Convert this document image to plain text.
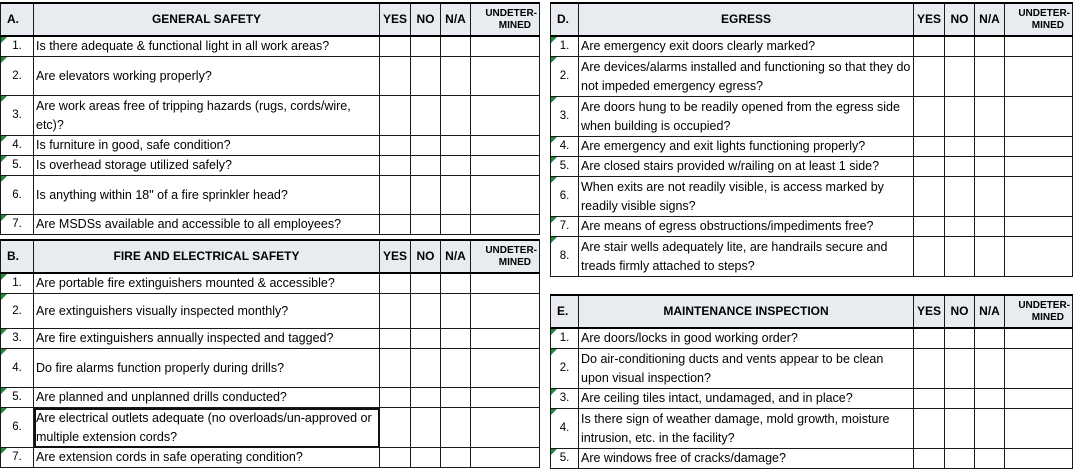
A.	GENERAL SAFETY	YES	NO	N/A	UNDETER-
MINED

1.	Is there adequate & functional light in all work areas?				
2.	Are elevators working properly?				
3.	Are work areas free of tripping hazards (rugs, cords/wire, etc)?				

4.	Is furniture in good, safe condition?				
5.	Is overhead storage utilized safely?				
6.	Is anything within 18" of a fire sprinkler head?				
7.	Are MSDSs available and accessible to all employees?				
B.	FIRE AND ELECTRICAL SAFETY	YES	NO	N/A	UNDETER-
MINED

1.	Are portable fire extinguishers mounted & accessible?				
2.	Are extinguishers visually inspected monthly?				
3.	Are fire extinguishers annually inspected and tagged?				
4.	Do fire alarms function properly during drills?				
5.	Are planned and unplanned drills conducted?				
6.	Are electrical outlets adequate (no overloads/un-approved or multiple extension cords?				

7.	Are extension cords in safe operating condition?				
D.	EGRESS	YES	NO	N/A	UNDETER-
MINED

1.	Are emergency exit doors clearly marked?				
2.	Are devices/alarms installed and functioning so that they do not impeded emergency egress?				

3.	Are doors hung to be readily opened from the egress side when building is occupied?				

4.	Are emergency and exit lights functioning properly?				
5.	Are closed stairs provided w/railing on at least 1 side?				
6.	When exits are not readily visible, is access marked by readily visible signs?				

7.	Are means of egress obstructions/impediments free?				
8.	Are stair wells adequately lite, are handrails secure and treads firmly attached to steps?				

E.	MAINTENANCE INSPECTION	YES	NO	N/A	UNDETER-
MINED

1.	Are doors/locks in good working order?				
2.	Do air-conditioning ducts and vents appear to be clean upon visual inspection?				

3.	Are ceiling tiles intact, undamaged, and in place?				
4.	Is there sign of weather damage, mold growth, moisture intrusion, etc. in the facility?				

5.	Are windows free of cracks/damage?				
